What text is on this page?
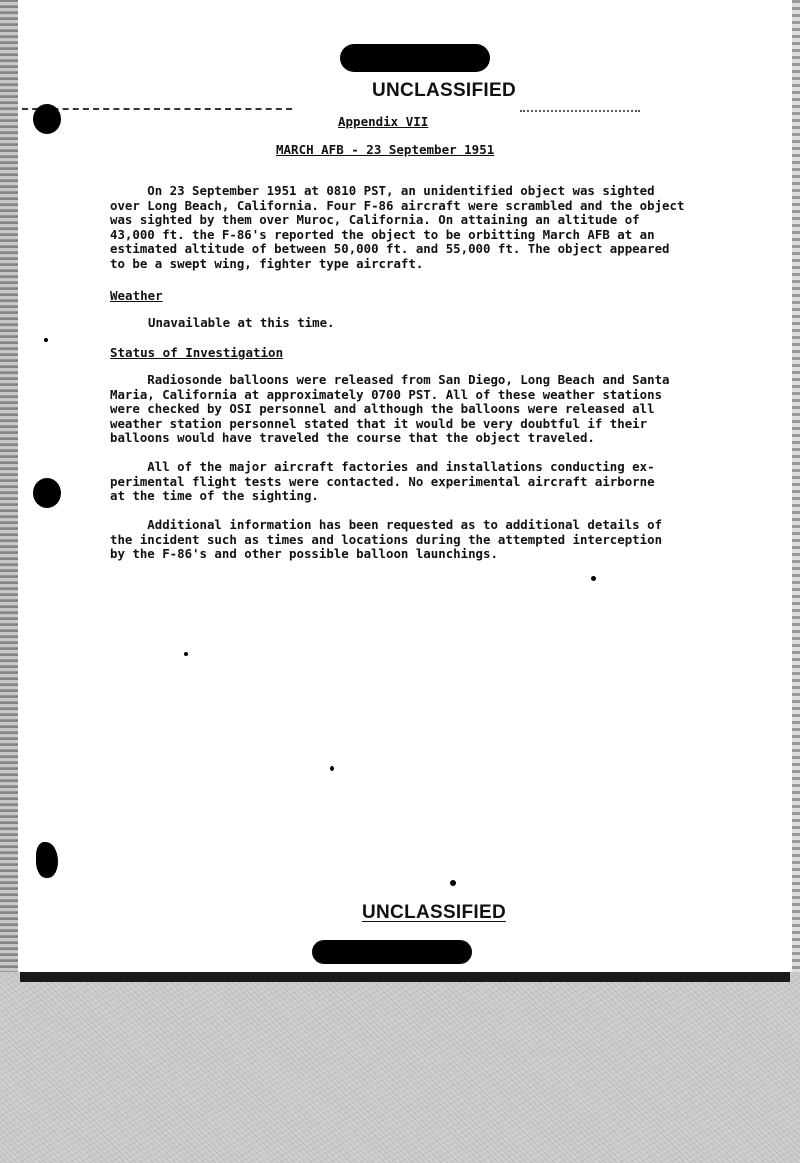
UNCLASSIFIED
Appendix VII
MARCH AFB - 23 September 1951
On 23 September 1951 at 0810 PST, an unidentified object was sighted
over Long Beach, California. Four F-86 aircraft were scrambled and the object
was sighted by them over Muroc, California. On attaining an altitude of
43,000 ft. the F-86's reported the object to be orbitting March AFB at an
estimated altitude of between 50,000 ft. and 55,000 ft. The object appeared
to be a swept wing, fighter type aircraft.
Weather
Unavailable at this time.
Status of Investigation
Radiosonde balloons were released from San Diego, Long Beach and Santa
Maria, California at approximately 0700 PST. All of these weather stations
were checked by OSI personnel and although the balloons were released all
weather station personnel stated that it would be very doubtful if their
balloons would have traveled the course that the object traveled.
All of the major aircraft factories and installations conducting ex-
perimental flight tests were contacted. No experimental aircraft airborne
at the time of the sighting.
Additional information has been requested as to additional details of
the incident such as times and locations during the attempted interception
by the F-86's and other possible balloon launchings.
UNCLASSIFIED
